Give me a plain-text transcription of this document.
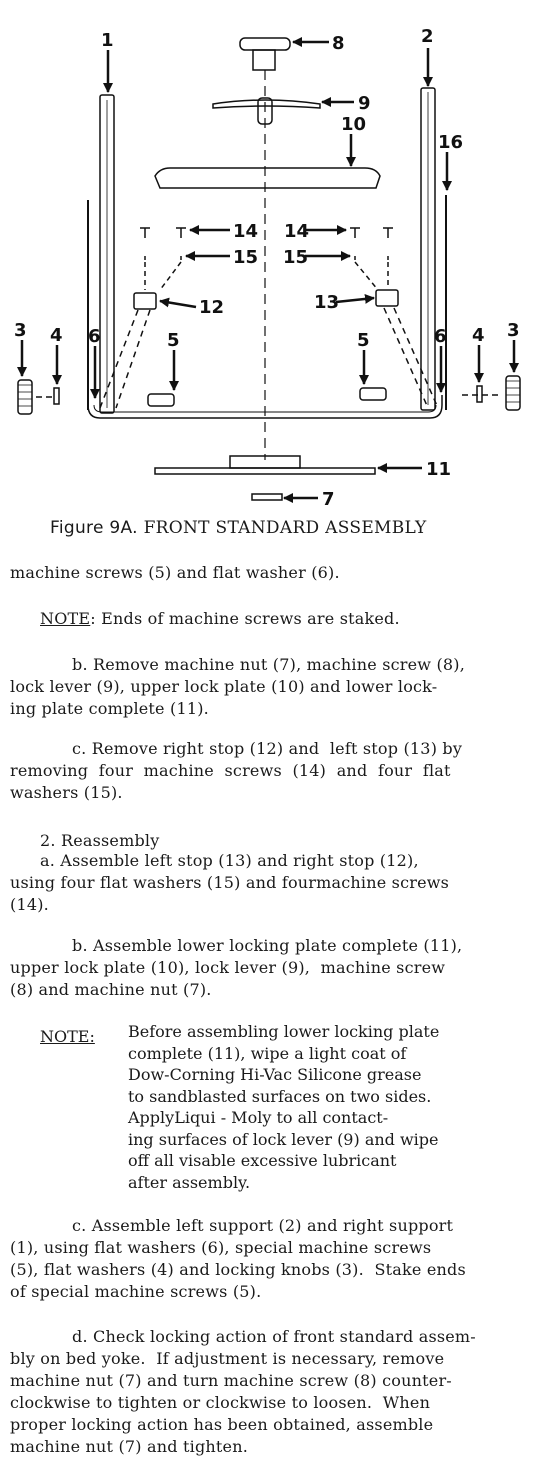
1	2
3	3
4	4
5	5
6	6
7
8
9
10
11
12	13
14 14
15 15
16
Figure 9A. FRONT STANDARD ASSEMBLY
machine screws (5) and flat washer (6).
NOTE: Ends of machine screws are staked.
b. Remove machine nut (7), machine screw (8),
lock lever (9), upper lock plate (10) and lower lock-
ing plate complete (11).
c. Remove right stop (12) and  left stop (13) by
removing  four  machine  screws  (14)  and  four  flat
washers (15).
2. Reassembly
a. Assemble left stop (13) and right stop (12),
using four flat washers (15) and fourmachine screws
(14).
b. Assemble lower locking plate complete (11),
upper lock plate (10), lock lever (9),  machine screw
(8) and machine nut (7).
NOTE: Before assembling lower locking plate
complete (11), wipe a light coat of
Dow-Corning Hi-Vac Silicone grease
to sandblasted surfaces on two sides.
ApplyLiqui - Moly to all contact-
ing surfaces of lock lever (9) and wipe
off all visable excessive lubricant
after assembly.
c. Assemble left support (2) and right support
(1), using flat washers (6), special machine screws
(5), flat washers (4) and locking knobs (3).  Stake ends
of special machine screws (5).
d. Check locking action of front standard assem-
bly on bed yoke.  If adjustment is necessary, remove
machine nut (7) and turn machine screw (8) counter-
clockwise to tighten or clockwise to loosen.  When
proper locking action has been obtained, assemble
machine nut (7) and tighten.
